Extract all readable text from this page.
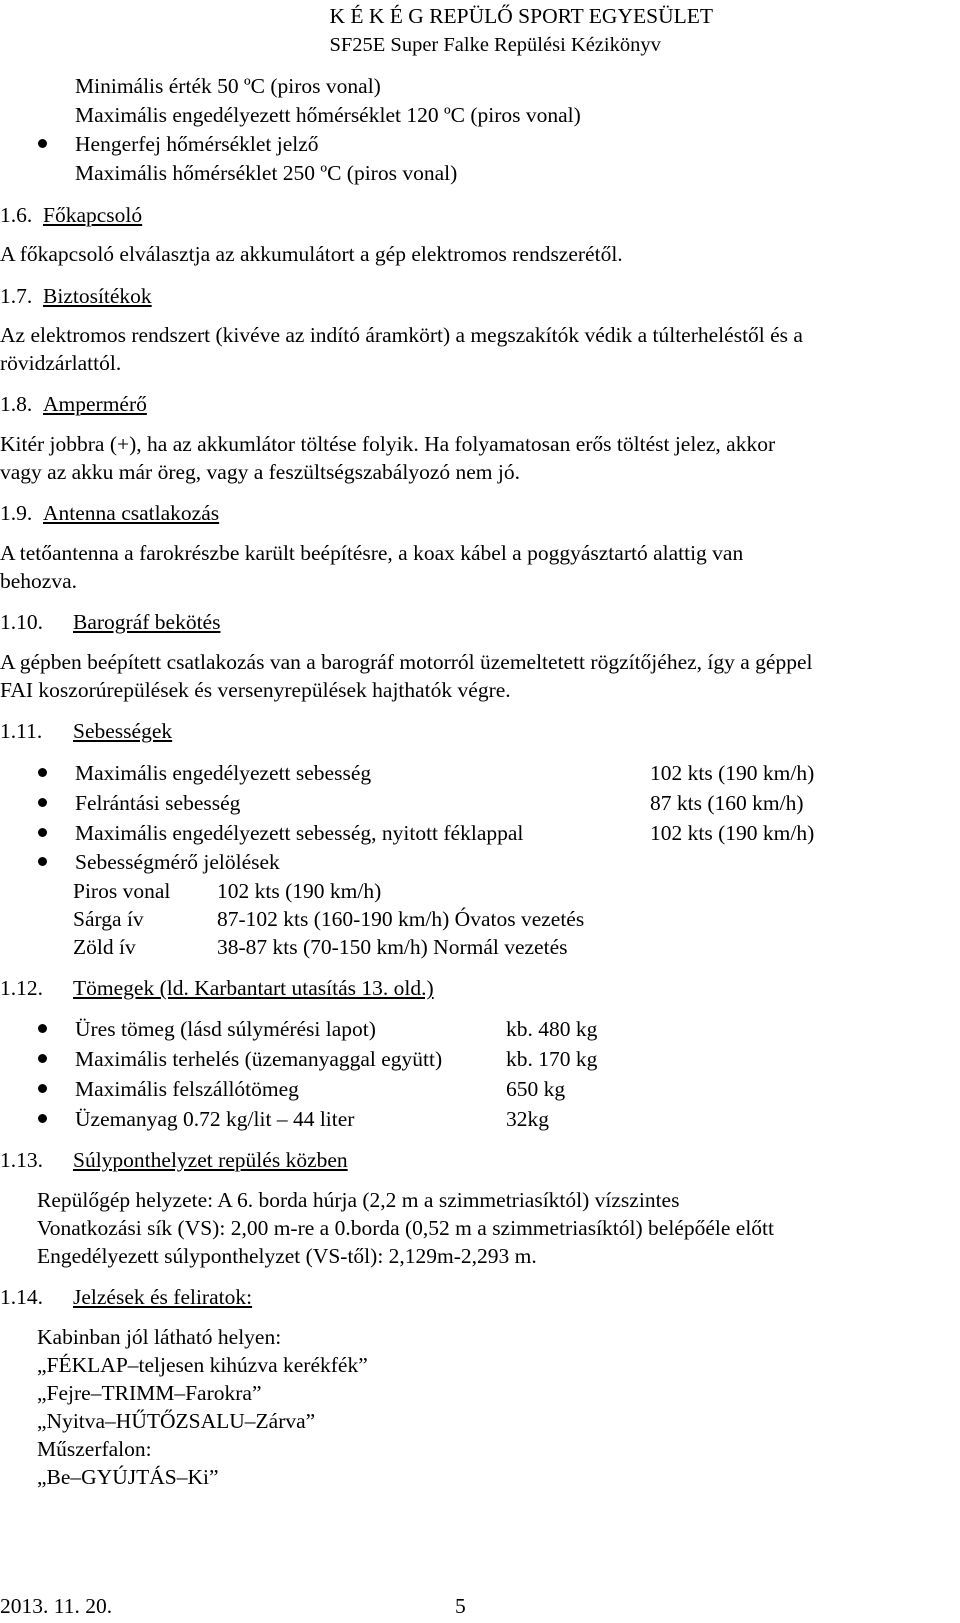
K É K É G REPÜLŐ SPORT EGYESÜLET
SF25E Super Falke Repülési Kézikönyv
Minimális érték 50 ºC (piros vonal)
Maximális engedélyezett hőmérséklet 120 ºC (piros vonal)
Hengerfej hőmérséklet jelző
Maximális hőmérséklet 250 ºC (piros vonal)
1.6. Főkapcsoló
A főkapcsoló elválasztja az akkumulátort a gép elektromos rendszerétől.
1.7. Biztosítékok
Az elektromos rendszert (kivéve az indító áramkört) a megszakítók védik a túlterheléstől és a
rövidzárlattól.
1.8. Ampermérő
Kitér jobbra (+), ha az akkumlátor töltése folyik. Ha folyamatosan erős töltést jelez, akkor
vagy az akku már öreg, vagy a feszültségszabályozó nem jó.
1.9. Antenna csatlakozás
A tetőantenna a farokrészbe karült beépítésre, a koax kábel a poggyásztartó alattig van
behozva.
1.10. Barográf bekötés
A gépben beépített csatlakozás van a barográf motorról üzemeltetett rögzítőjéhez, így a géppel
FAI koszorúrepülések és versenyrepülések hajthatók végre.
1.11. Sebességek
Maximális engedélyezett sebesség	102 kts (190 km/h)
Felrántási sebesség	87 kts (160 km/h)
Maximális engedélyezett sebesség, nyitott féklappal	102 kts (190 km/h)
Sebességmérő jelölések
Piros vonal 102 kts (190 km/h)
Sárga ív	87-102 kts (160-190 km/h) Óvatos vezetés
Zöld ív	38-87 kts (70-150 km/h) Normál vezetés
1.12. Tömegek (ld. Karbantart utasítás 13. old.)
Üres tömeg (lásd súlymérési lapot)	kb. 480 kg
Maximális terhelés (üzemanyaggal együtt)	kb. 170 kg
Maximális felszállótömeg	650 kg
Üzemanyag 0.72 kg/lit – 44 liter	32kg
1.13. Súlyponthelyzet repülés közben
Repülőgép helyzete: A 6. borda húrja (2,2 m a szimmetriasíktól) vízszintes
Vonatkozási sík (VS): 2,00 m-re a 0.borda (0,52 m a szimmetriasíktól) belépőéle előtt
Engedélyezett súlyponthelyzet (VS-től): 2,129m-2,293 m.
1.14. Jelzések és feliratok:
Kabinban jól látható helyen:
„FÉKLAP–teljesen kihúzva kerékfék”
„Fejre–TRIMM–Farokra”
„Nyitva–HŰTŐZSALU–Zárva”
Műszerfalon:
„Be–GYÚJTÁS–Ki”
2013. 11. 20.	5
